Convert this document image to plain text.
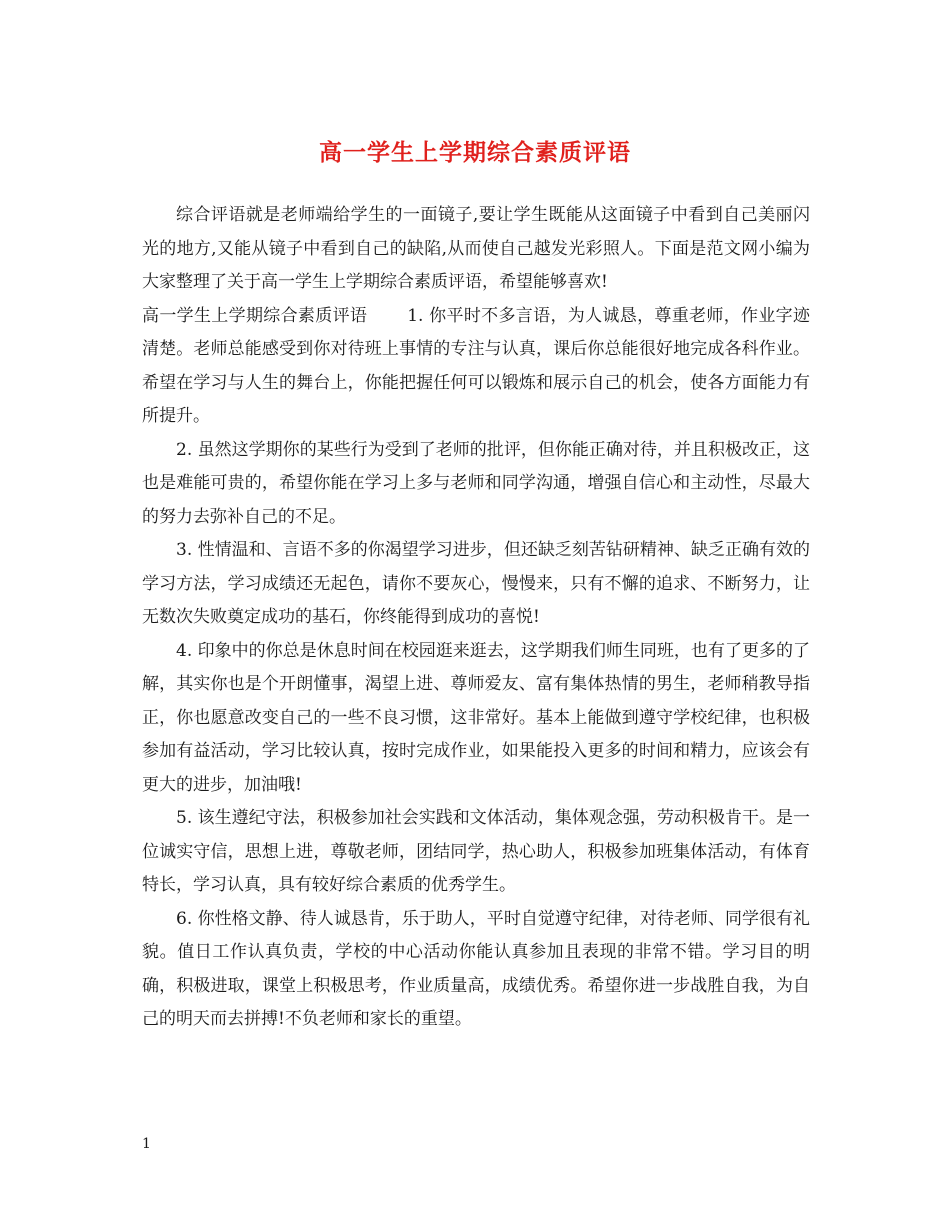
高一学生上学期综合素质评语

综合评语就是老师端给学生的一面镜子,要让学生既能从这面镜子中看到自己美丽闪光的地方,又能从镜子中看到自己的缺陷,从而使自己越发光彩照人。下面是范文网小编为大家整理了关于高一学生上学期综合素质评语，希望能够喜欢!

高一学生上学期综合素质评语 1. 你平时不多言语，为人诚恳，尊重老师，作业字迹清楚。老师总能感受到你对待班上事情的专注与认真，课后你总能很好地完成各科作业。希望在学习与人生的舞台上，你能把握任何可以锻炼和展示自己的机会，使各方面能力有所提升。

2. 虽然这学期你的某些行为受到了老师的批评，但你能正确对待，并且积极改正，这也是难能可贵的，希望你能在学习上多与老师和同学沟通，增强自信心和主动性，尽最大的努力去弥补自己的不足。

3. 性情温和、言语不多的你渴望学习进步，但还缺乏刻苦钻研精神、缺乏正确有效的学习方法，学习成绩还无起色，请你不要灰心，慢慢来，只有不懈的追求、不断努力，让无数次失败奠定成功的基石，你终能得到成功的喜悦!

4. 印象中的你总是休息时间在校园逛来逛去，这学期我们师生同班，也有了更多的了解，其实你也是个开朗懂事，渴望上进、尊师爱友、富有集体热情的男生，老师稍教导指正，你也愿意改变自己的一些不良习惯，这非常好。基本上能做到遵守学校纪律，也积极参加有益活动，学习比较认真，按时完成作业，如果能投入更多的时间和精力，应该会有更大的进步，加油哦!

5. 该生遵纪守法，积极参加社会实践和文体活动，集体观念强，劳动积极肯干。是一位诚实守信，思想上进，尊敬老师，团结同学，热心助人，积极参加班集体活动，有体育特长，学习认真，具有较好综合素质的优秀学生。

6. 你性格文静、待人诚恳肯，乐于助人，平时自觉遵守纪律，对待老师、同学很有礼貌。值日工作认真负责，学校的中心活动你能认真参加且表现的非常不错。学习目的明确，积极进取，课堂上积极思考，作业质量高，成绩优秀。希望你进一步战胜自我，为自己的明天而去拼搏!不负老师和家长的重望。

1
